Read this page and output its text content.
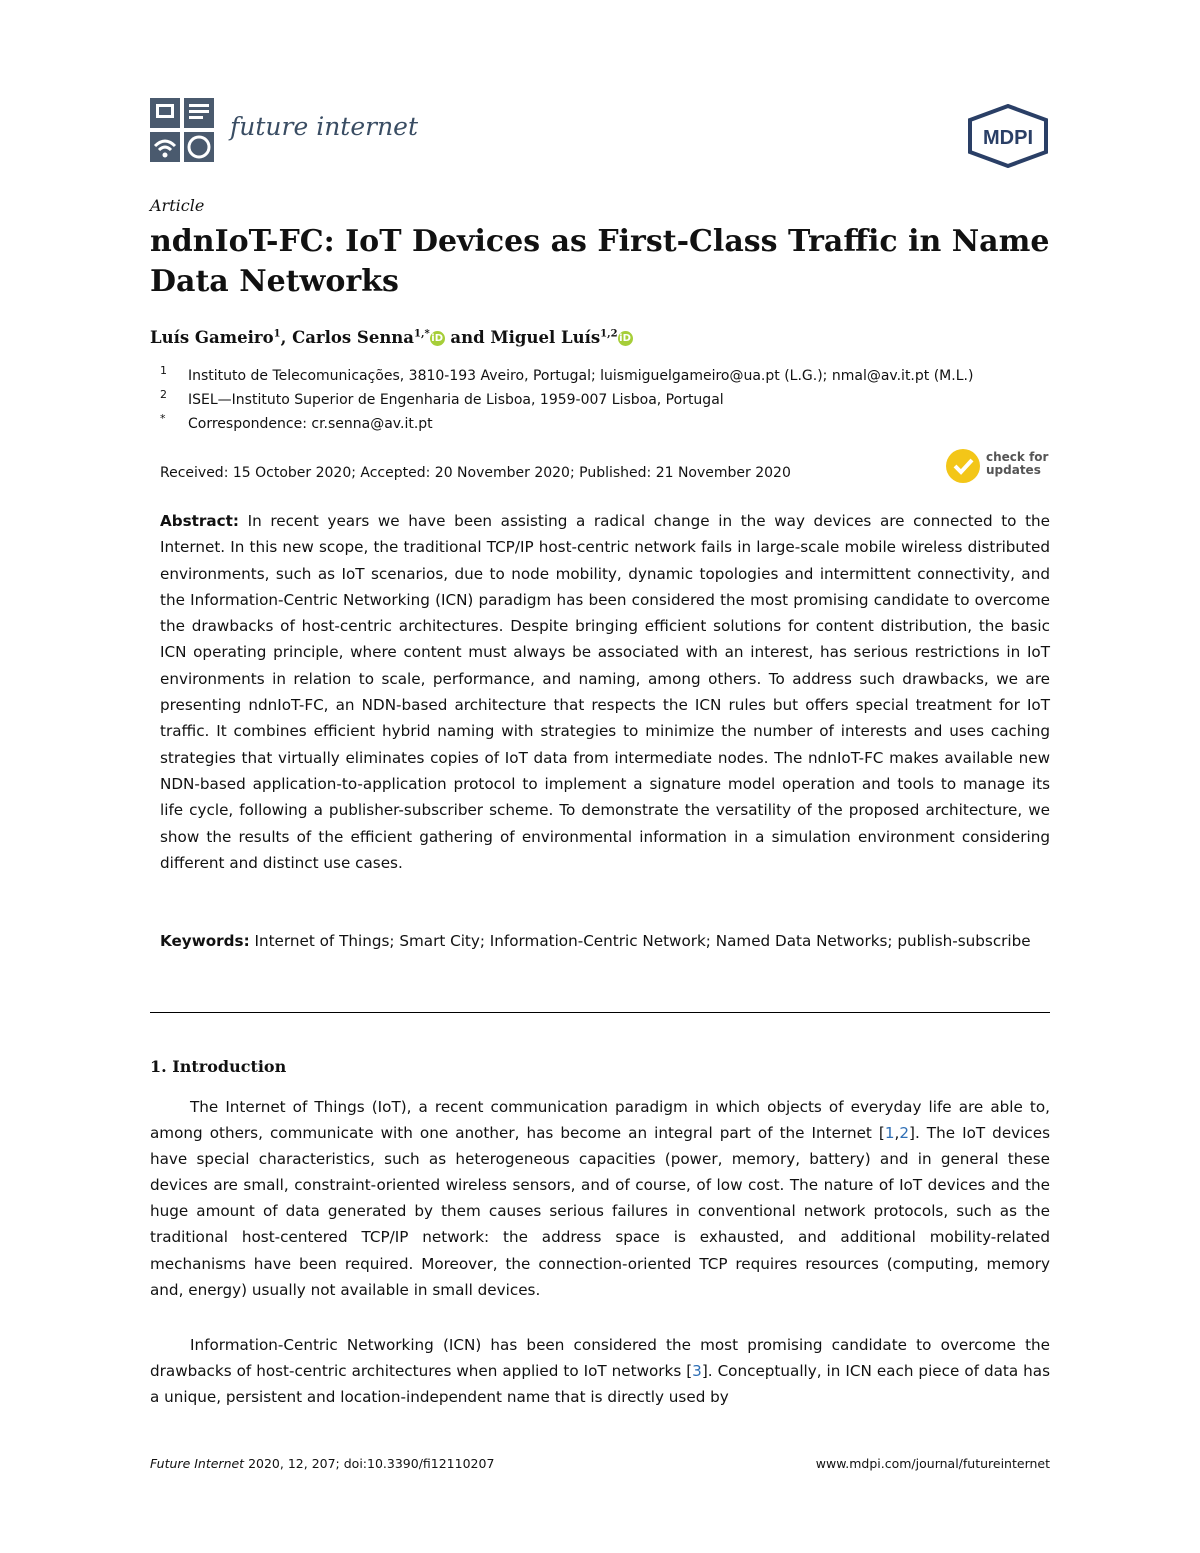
future internet	MDPI
Article
ndnIoT-FC: IoT Devices as First-Class Traffic in Name Data Networks
Luís Gameiro$^1$, Carlos Senna$^{1,*}$ iD and Miguel Luís$^{1,2}$ iD
1 Instituto de Telecomunicações, 3810-193 Aveiro, Portugal; luismiguelgameiro@ua.pt (L.G.); nmal@av.it.pt (M.L.)
2 ISEL—Instituto Superior de Engenharia de Lisboa, 1959-007 Lisboa, Portugal
* Correspondence: cr.senna@av.it.pt
Received: 15 October 2020; Accepted: 20 November 2020; Published: 21 November 2020
check for
updates

Abstract: In recent years we have been assisting a radical change in the way devices are connected to the Internet. In this new scope, the traditional TCP/IP host-centric network fails in large-scale mobile wireless distributed environments, such as IoT scenarios, due to node mobility, dynamic topologies and intermittent connectivity, and the Information-Centric Networking (ICN) paradigm has been considered the most promising candidate to overcome the drawbacks of host-centric architectures. Despite bringing efficient solutions for content distribution, the basic ICN operating principle, where content must always be associated with an interest, has serious restrictions in IoT environments in relation to scale, performance, and naming, among others. To address such drawbacks, we are presenting ndnIoT-FC, an NDN-based architecture that respects the ICN rules but offers special treatment for IoT traffic. It combines efficient hybrid naming with strategies to minimize the number of interests and uses caching strategies that virtually eliminates copies of IoT data from intermediate nodes. The ndnIoT-FC makes available new NDN-based application-to-application protocol to implement a signature model operation and tools to manage its life cycle, following a publisher-subscriber scheme. To demonstrate the versatility of the proposed architecture, we show the results of the efficient gathering of environmental information in a simulation environment considering different and distinct use cases.

Keywords: Internet of Things; Smart City; Information-Centric Network; Named Data Networks; publish-subscribe

1. Introduction

The Internet of Things (IoT), a recent communication paradigm in which objects of everyday life are able to, among others, communicate with one another, has become an integral part of the Internet [1,2]. The IoT devices have special characteristics, such as heterogeneous capacities (power, memory, battery) and in general these devices are small, constraint-oriented wireless sensors, and of course, of low cost. The nature of IoT devices and the huge amount of data generated by them causes serious failures in conventional network protocols, such as the traditional host-centered TCP/IP network: the address space is exhausted, and additional mobility-related mechanisms have been required. Moreover, the connection-oriented TCP requires resources (computing, memory and, energy) usually not available in small devices.

Information-Centric Networking (ICN) has been considered the most promising candidate to overcome the drawbacks of host-centric architectures when applied to IoT networks [3]. Conceptually, in ICN each piece of data has a unique, persistent and location-independent name that is directly used by

Future Internet 2020, 12, 207; doi:10.3390/fi12110207	www.mdpi.com/journal/futureinternet
